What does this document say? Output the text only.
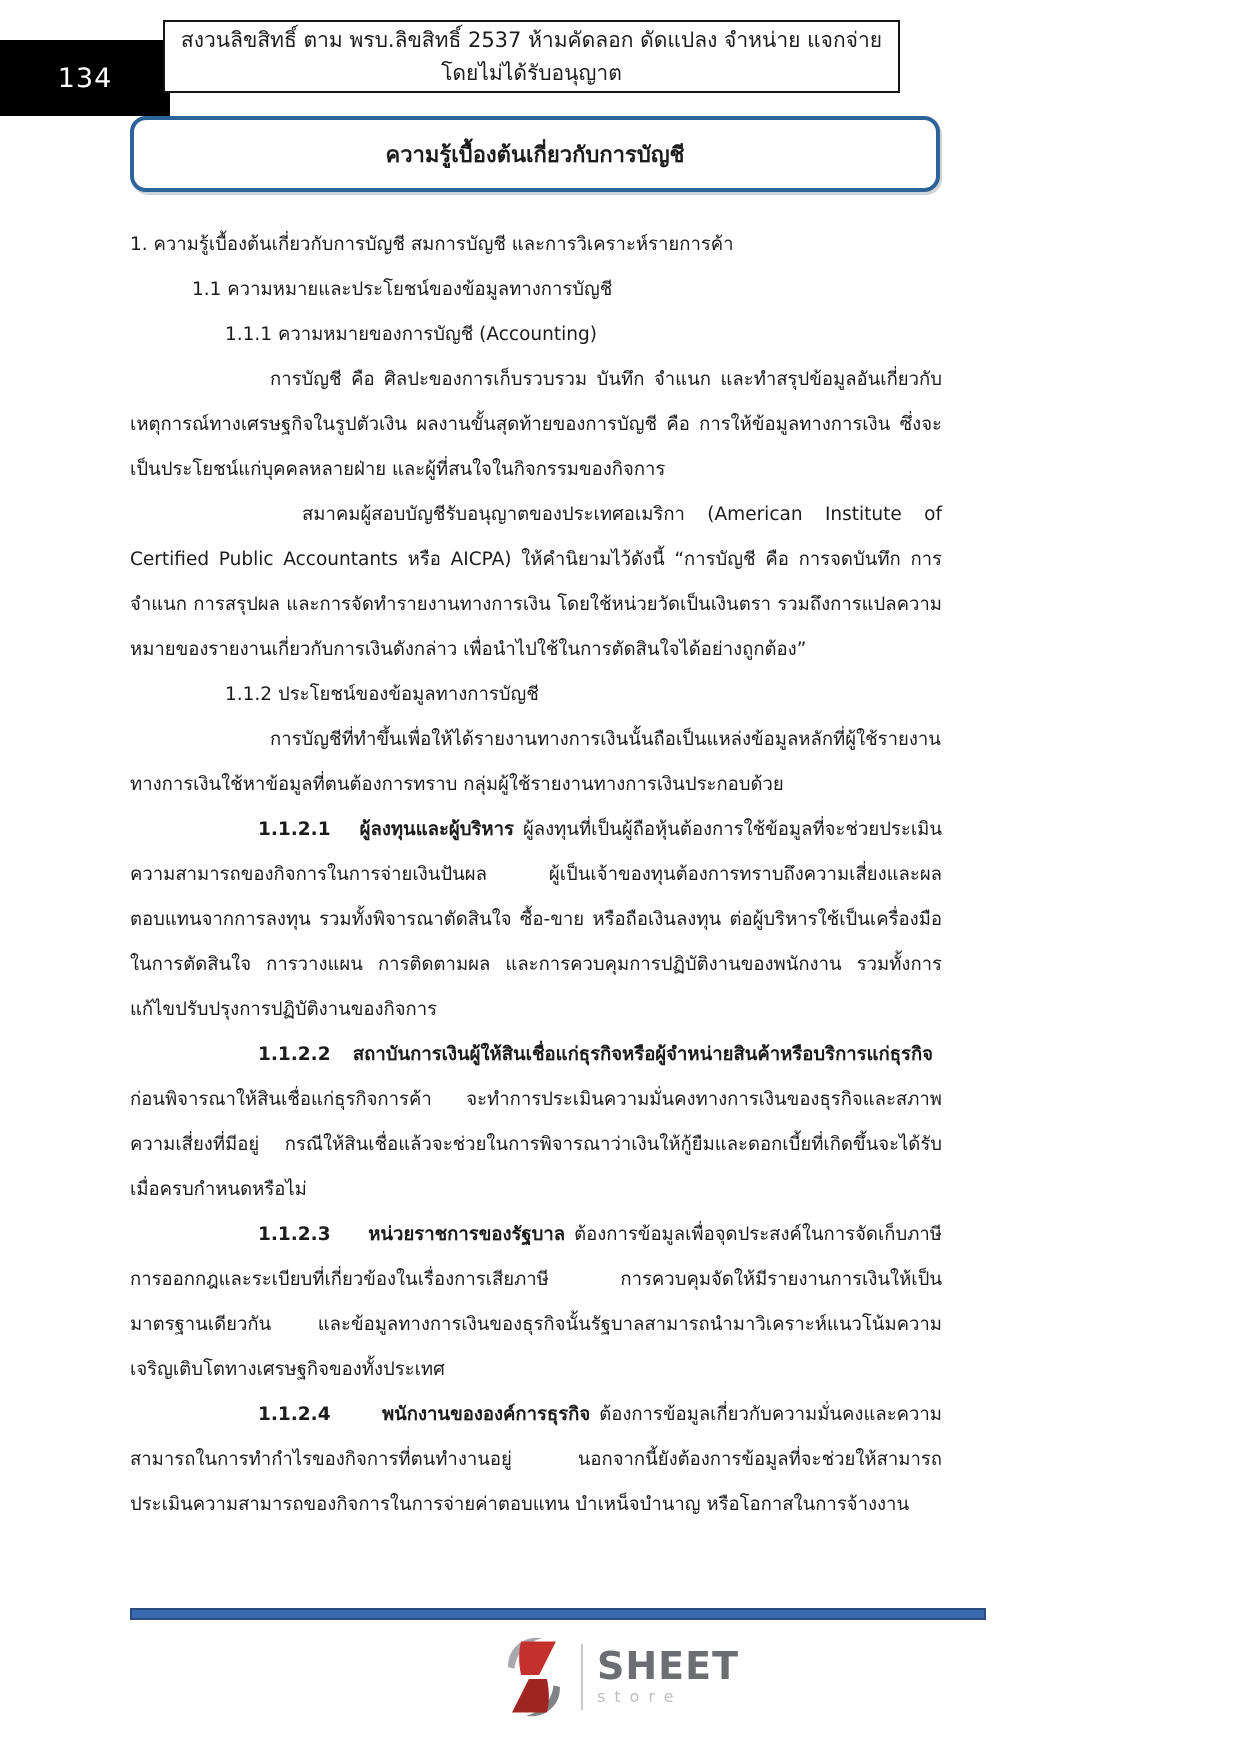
134
สงวนลิขสิทธิ์ ตาม พรบ.ลิขสิทธิ์ 2537 ห้ามคัดลอก ดัดแปลง จำหน่าย แจกจ่าย โดยไม่ได้รับอนุญาต
ความรู้เบื้องต้นเกี่ยวกับการบัญชี
1. ความรู้เบื้องต้นเกี่ยวกับการบัญชี สมการบัญชี และการวิเคราะห์รายการค้า
1.1 ความหมายและประโยชน์ของข้อมูลทางการบัญชี
1.1.1 ความหมายของการบัญชี (Accounting)

การบัญชี คือ ศิลปะของการเก็บรวบรวม บันทึก จำแนก และทำสรุปข้อมูลอันเกี่ยวกับเหตุการณ์ทางเศรษฐกิจในรูปตัวเงิน ผลงานขั้นสุดท้ายของการบัญชี คือ การให้ข้อมูลทางการเงิน ซึ่งจะเป็นประโยชน์แก่บุคคลหลายฝ่าย และผู้ที่สนใจในกิจกรรมของกิจการ

สมาคมผู้สอบบัญชีรับอนุญาตของประเทศอเมริกา (American Institute of Certified Public Accountants หรือ AICPA) ให้คำนิยามไว้ดังนี้ “การบัญชี คือ การจดบันทึก การจำแนก การสรุปผล และการจัดทำรายงานทางการเงิน โดยใช้หน่วยวัดเป็นเงินตรา รวมถึงการแปลความหมายของรายงานเกี่ยวกับการเงินดังกล่าว เพื่อนำไปใช้ในการตัดสินใจได้อย่างถูกต้อง”

1.1.2 ประโยชน์ของข้อมูลทางการบัญชี

การบัญชีที่ทำขึ้นเพื่อให้ได้รายงานทางการเงินนั้นถือเป็นแหล่งข้อมูลหลักที่ผู้ใช้รายงานทางการเงินใช้หาข้อมูลที่ตนต้องการทราบ กลุ่มผู้ใช้รายงานทางการเงินประกอบด้วย

1.1.2.1 ผู้ลงทุนและผู้บริหาร ผู้ลงทุนที่เป็นผู้ถือหุ้นต้องการใช้ข้อมูลที่จะช่วยประเมินความสามารถของกิจการในการจ่ายเงินปันผล ผู้เป็นเจ้าของทุนต้องการทราบถึงความเสี่ยงและผลตอบแทนจากการลงทุน รวมทั้งพิจารณาตัดสินใจ ซื้อ-ขาย หรือถือเงินลงทุน ต่อผู้บริหารใช้เป็นเครื่องมือในการตัดสินใจ การวางแผน การติดตามผล และการควบคุมการปฏิบัติงานของพนักงาน รวมทั้งการแก้ไขปรับปรุงการปฏิบัติงานของกิจการ

1.1.2.2 สถาบันการเงินผู้ให้สินเชื่อแก่ธุรกิจหรือผู้จำหน่ายสินค้าหรือบริการแก่ธุรกิจก่อนพิจารณาให้สินเชื่อแก่ธุรกิจการค้า จะทำการประเมินความมั่นคงทางการเงินของธุรกิจและสภาพความเสี่ยงที่มีอยู่ กรณีให้สินเชื่อแล้วจะช่วยในการพิจารณาว่าเงินให้กู้ยืมและดอกเบี้ยที่เกิดขึ้นจะได้รับเมื่อครบกำหนดหรือไม่

1.1.2.3 หน่วยราชการของรัฐบาล ต้องการข้อมูลเพื่อจุดประสงค์ในการจัดเก็บภาษี การออกกฎและระเบียบที่เกี่ยวข้องในเรื่องการเสียภาษี การควบคุมจัดให้มีรายงานการเงินให้เป็นมาตรฐานเดียวกัน และข้อมูลทางการเงินของธุรกิจนั้นรัฐบาลสามารถนำมาวิเคราะห์แนวโน้มความเจริญเติบโตทางเศรษฐกิจของทั้งประเทศ

1.1.2.4 พนักงานขององค์การธุรกิจ ต้องการข้อมูลเกี่ยวกับความมั่นคงและความสามารถในการทำกำไรของกิจการที่ตนทำงานอยู่ นอกจากนี้ยังต้องการข้อมูลที่จะช่วยให้สามารถประเมินความสามารถของกิจการในการจ่ายค่าตอบแทน บำเหน็จบำนาญ หรือโอกาสในการจ้างงาน

SHEET
store
